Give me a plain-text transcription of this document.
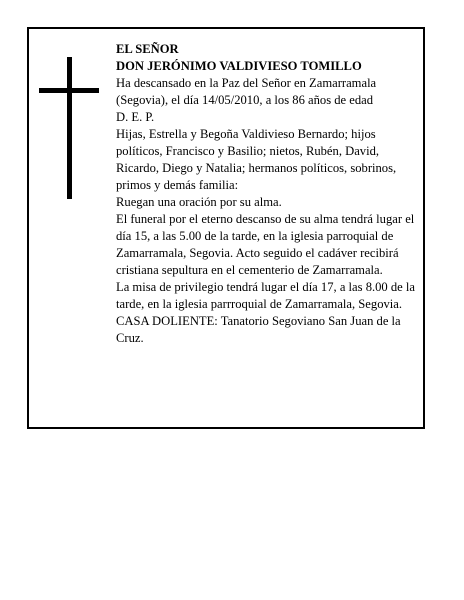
EL SEÑOR

DON JERÓNIMO VALDIVIESO TOMILLO

Ha descansado en la Paz del Señor en Zamarramala (Segovia), el día 14/05/2010, a los 86 años de edad

D. E. P.

Hijas, Estrella y Begoña Valdivieso Bernardo; hijos políticos, Francisco y Basilio; nietos, Rubén, David, Ricardo, Diego y Natalia; hermanos políticos, sobrinos, primos y demás familia:

Ruegan una oración por su alma.

El funeral por el eterno descanso de su alma tendrá lugar el día 15, a las 5.00 de la tarde, en la iglesia parroquial de Zamarramala, Segovia. Acto seguido el cadáver recibirá cristiana sepultura en el cementerio de Zamarramala.

La misa de privilegio tendrá lugar el día 17, a las 8.00 de la tarde, en la iglesia parrroquial de Zamarramala, Segovia.

CASA DOLIENTE: Tanatorio Segoviano San Juan de la Cruz.
